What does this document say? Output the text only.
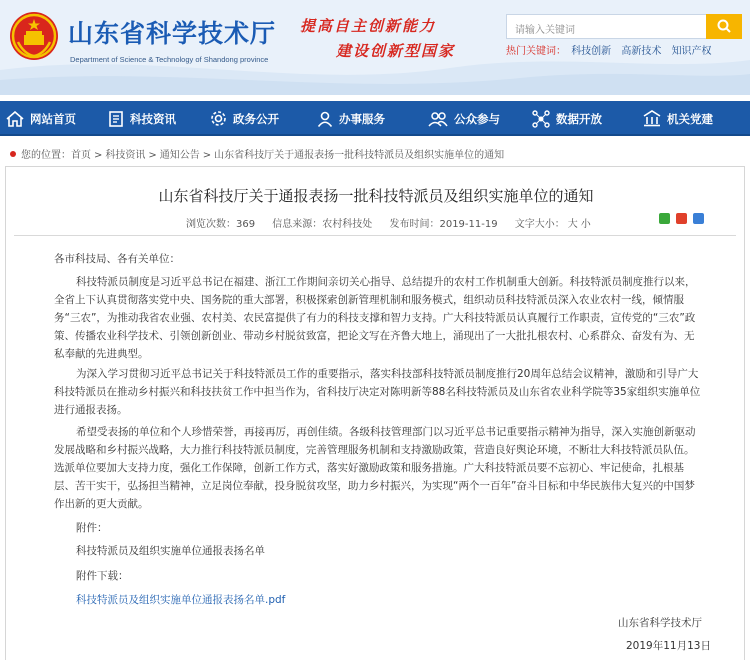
山东省科学技术厅
Department of Science & Technology of Shandong province
提高自主创新能力
建设创新型国家
请输入关键词
热门关键词： 科技创新 高新技术 知识产权
网站首页	科技资讯	政务公开	办事服务	公众参与	数据开放	机关党建
您的位置：首页 > 科技资讯 > 通知公告 > 山东省科技厅关于通报表扬一批科技特派员及组织实施单位的通知
山东省科技厅关于通报表扬一批科技特派员及组织实施单位的通知
浏览次数：369 信息来源：农村科技处 发布时间：2019-11-19 文字大小： 大 小

各市科技局、各有关单位：
科技特派员制度是习近平总书记在福建、浙江工作期间亲切关心指导、总结提升的农村工作机制重大创新。科技特派员制度推行以来，全省上下认真贯彻落实党中央、国务院的重大部署，积极探索创新管理机制和服务模式，组织动员科技特派员深入农业农村一线，倾情服务“三农”，为推动我省农业强、农村美、农民富提供了有力的科技支撑和智力支持。广大科技特派员认真履行工作职责，宣传党的“三农”政策、传播农业科学技术、引领创新创业、带动乡村脱贫致富，把论文写在齐鲁大地上，涌现出了一大批扎根农村、心系群众、奋发有为、无私奉献的先进典型。
为深入学习贯彻习近平总书记关于科技特派员工作的重要指示，落实科技部科技特派员制度推行20周年总结会议精神，激励和引导广大科技特派员在推动乡村振兴和科技扶贫工作中担当作为，省科技厅决定对陈明新等88名科技特派员及山东省农业科学院等35家组织实施单位进行通报表扬。
希望受表扬的单位和个人珍惜荣誉，再接再厉，再创佳绩。各级科技管理部门以习近平总书记重要指示精神为指导，深入实施创新驱动发展战略和乡村振兴战略，大力推行科技特派员制度，完善管理服务机制和支持激励政策，营造良好舆论环境，不断壮大科技特派员队伍。选派单位要加大支持力度，强化工作保障，创新工作方式，落实好激励政策和服务措施。广大科技特派员要不忘初心、牢记使命，扎根基层、苦干实干，弘扬担当精神，立足岗位奉献，投身脱贫攻坚，助力乡村振兴，为实现“两个一百年”奋斗目标和中华民族伟大复兴的中国梦作出新的更大贡献。
附件：
科技特派员及组织实施单位通报表扬名单
附件下载：
科技特派员及组织实施单位通报表扬名单.pdf
山东省科学技术厅
2019年11月13日
